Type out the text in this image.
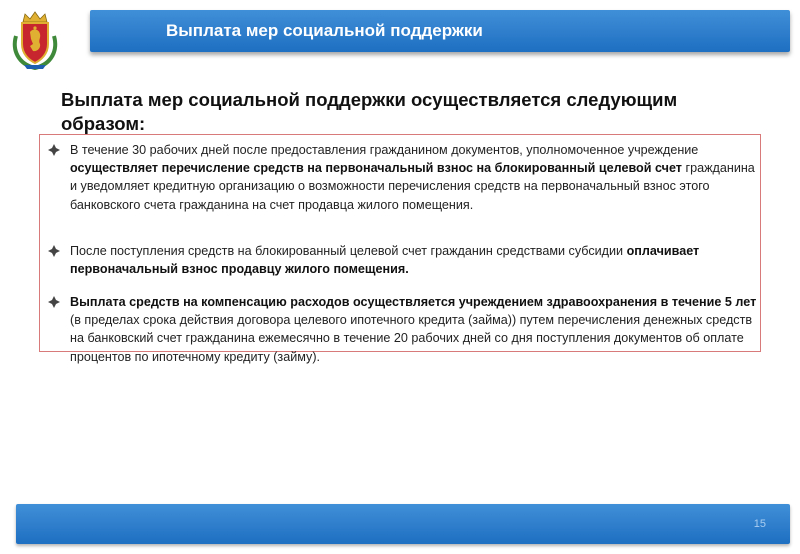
Выплата мер социальной поддержки
Выплата мер социальной поддержки осуществляется следующим
образом:
В течение 30 рабочих дней после предоставления гражданином документов, уполномоченное учреждение осуществляет перечисление средств на первоначальный взнос на блокированный целевой счет гражданина и уведомляет кредитную организацию о возможности перечисления средств на первоначальный взнос этого банковского счета гражданина на счет продавца жилого помещения.
После поступления средств на блокированный целевой счет гражданин средствами субсидии оплачивает первоначальный взнос продавцу жилого помещения.
Выплата средств на компенсацию расходов осуществляется учреждением здравоохранения в течение 5 лет (в пределах срока действия договора целевого ипотечного кредита (займа)) путем перечисления денежных средств на банковский счет гражданина ежемесячно в течение 20 рабочих дней со дня поступления документов об оплате процентов по ипотечному кредиту (займу).
15
